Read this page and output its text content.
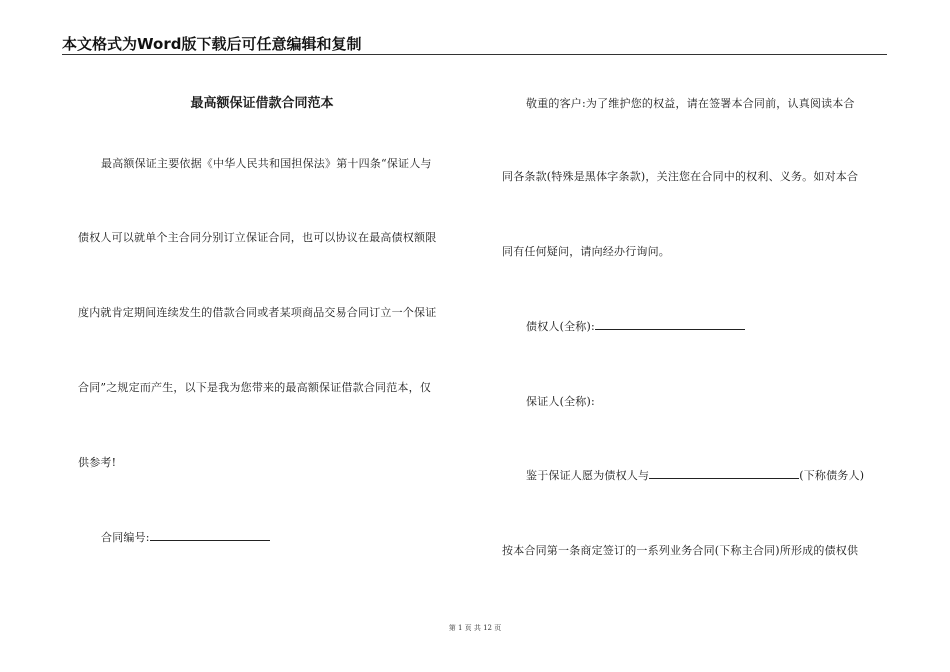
本文格式为Word版下载后可任意编辑和复制
最高额保证借款合同范本
最高额保证主要依据《中华人民共和国担保法》第十四条“保证人与
债权人可以就单个主合同分别订立保证合同，也可以协议在最高债权额限
度内就肯定期间连续发生的借款合同或者某项商品交易合同订立一个保证
合同”之规定而产生，以下是我为您带来的最高额保证借款合同范本，仅
供参考!
合同编号:
敬重的客户:为了维护您的权益，请在签署本合同前，认真阅读本合
同各条款(特殊是黑体字条款)，关注您在合同中的权利、义务。如对本合
同有任何疑问，请向经办行询问。
债权人(全称):
保证人(全称):
鉴于保证人愿为债权人与	(下称债务人)
按本合同第一条商定签订的一系列业务合同(下称主合同)所形成的债权供
第 1 页 共 12 页
